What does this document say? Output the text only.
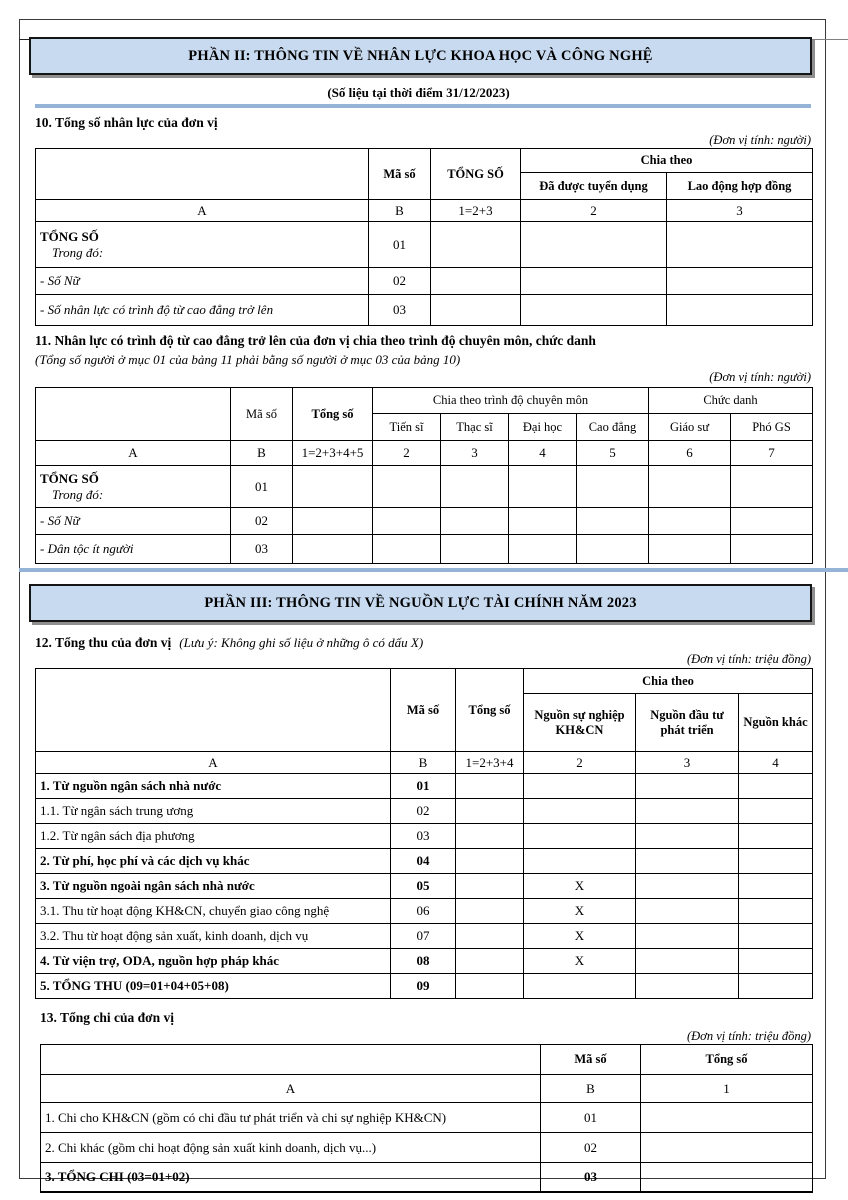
PHẦN II: THÔNG TIN VỀ NHÂN LỰC KHOA HỌC VÀ CÔNG NGHỆ
(Số liệu tại thời điểm 31/12/2023)
10. Tổng số nhân lực của đơn vị
(Đơn vị tính: người)
	Mã số	TỔNG SỐ	Chia theo	
			Đã được tuyển dụng	Lao động hợp đồng
A	B	1=2+3	2	3

TỔNG SỐ
Trong đó:	01			
- Số Nữ	02			
- Số nhân lực có trình độ từ cao đẳng trở lên	03			
11. Nhân lực có trình độ từ cao đẳng trở lên của đơn vị chia theo trình độ chuyên môn, chức danh
(Tổng số người ở mục 01 của bảng 11 phải bằng số người ở mục 03 của bảng 10)
(Đơn vị tính: người)
	Mã số	Tổng số	Chia theo trình độ chuyên môn				Chức danh	
			Tiến sĩ	Thạc sĩ	Đại học	Cao đẳng	Giáo sư	Phó GS
A	B	1=2+3+4+5	2	3	4	5	6	7

TỔNG SỐ
Trong đó:	01							
- Số Nữ	02							
- Dân tộc ít người	03							
PHẦN III: THÔNG TIN VỀ NGUỒN LỰC TÀI CHÍNH NĂM 2023
12. Tổng thu của đơn vị (Lưu ý: Không ghi số liệu ở những ô có dấu X)
(Đơn vị tính: triệu đồng)
	Mã số	Tổng số	Chia theo		
			Nguồn sự nghiệp KH&CN	Nguồn đầu tư phát triển	Nguồn khác
A	B	1=2+3+4	2	3	4
1. Từ nguồn ngân sách nhà nước	01				
1.1. Từ ngân sách trung ương	02				
1.2. Từ ngân sách địa phương	03				
2. Từ phí, học phí và các dịch vụ khác	04				
3. Từ nguồn ngoài ngân sách nhà nước	05		X		
3.1. Thu từ hoạt động KH&CN, chuyển giao công nghệ	06		X		
3.2. Thu từ hoạt động sản xuất, kinh doanh, dịch vụ	07		X		
4. Từ viện trợ, ODA, nguồn hợp pháp khác	08		X		
5. TỔNG THU (09=01+04+05+08)	09				
13. Tổng chi của đơn vị
(Đơn vị tính: triệu đồng)
	Mã số	Tổng số
A	B	1
1. Chi cho KH&CN (gồm có chi đầu tư phát triển và chi sự nghiệp KH&CN)	01	
2. Chi khác (gồm chi hoạt động sản xuất kinh doanh, dịch vụ...)	02	
3. TỔNG CHI (03=01+02)	03	
